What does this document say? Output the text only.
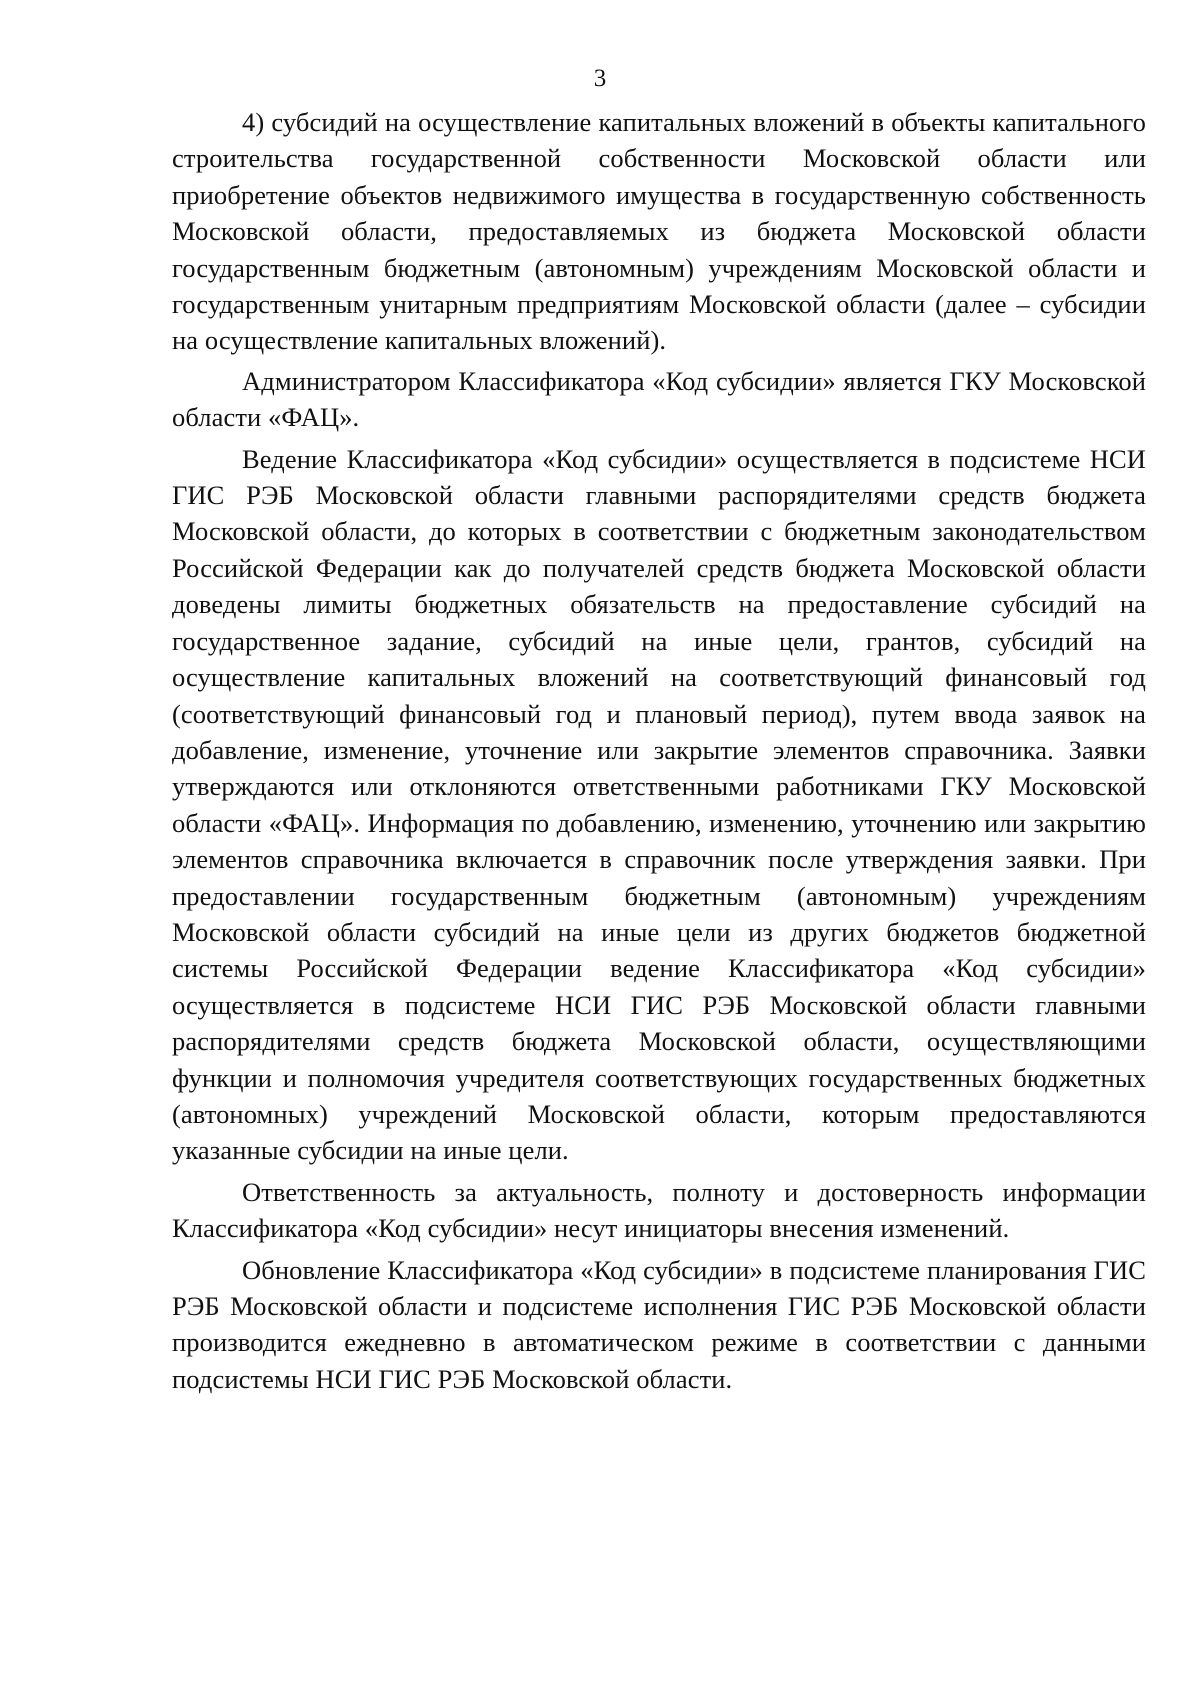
3

4) субсидий на осуществление капитальных вложений в объекты капитального строительства государственной собственности Московской области или приобретение объектов недвижимого имущества в государственную собственность Московской области, предоставляемых из бюджета Московской области государственным бюджетным (автономным) учреждениям Московской области и государственным унитарным предприятиям Московской области (далее – субсидии на осуществление капитальных вложений).

Администратором Классификатора «Код субсидии» является ГКУ Московской области «ФАЦ».

Ведение Классификатора «Код субсидии» осуществляется в подсистеме НСИ ГИС РЭБ Московской области главными распорядителями средств бюджета Московской области, до которых в соответствии с бюджетным законодательством Российской Федерации как до получателей средств бюджета Московской области доведены лимиты бюджетных обязательств на предоставление субсидий на государственное задание, субсидий на иные цели, грантов, субсидий на осуществление капитальных вложений на соответствующий финансовый год (соответствующий финансовый год и плановый период), путем ввода заявок на добавление, изменение, уточнение или закрытие элементов справочника. Заявки утверждаются или отклоняются ответственными работниками ГКУ Московской области «ФАЦ». Информация по добавлению, изменению, уточнению или закрытию элементов справочника включается в справочник после утверждения заявки. При предоставлении государственным бюджетным (автономным) учреждениям Московской области субсидий на иные цели из других бюджетов бюджетной системы Российской Федерации ведение Классификатора «Код субсидии» осуществляется в подсистеме НСИ ГИС РЭБ Московской области главными распорядителями средств бюджета Московской области, осуществляющими функции и полномочия учредителя соответствующих государственных бюджетных (автономных) учреждений Московской области, которым предоставляются указанные субсидии на иные цели.

Ответственность за актуальность, полноту и достоверность информации Классификатора «Код субсидии» несут инициаторы внесения изменений.

Обновление Классификатора «Код субсидии» в подсистеме планирования ГИС РЭБ Московской области и подсистеме исполнения ГИС РЭБ Московской области производится ежедневно в автоматическом режиме в соответствии с данными подсистемы НСИ ГИС РЭБ Московской области.
